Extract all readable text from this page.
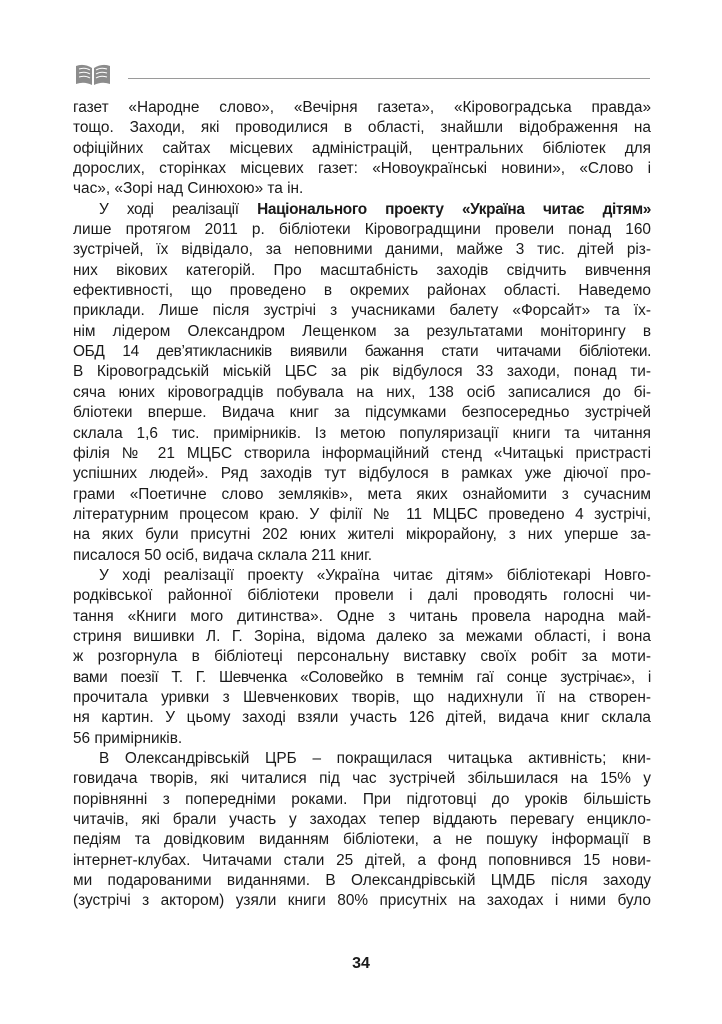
газет «Народне слово», «Вечірня газета», «Кіровоградська правда»
тощо. Заходи, які проводилися в області, знайшли відображення на
офіційних сайтах місцевих адміністрацій, центральних бібліотек для
дорослих, сторінках місцевих газет: «Новоукраїнські новини», «Слово і
час», «Зорі над Синюхою» та ін.
У ході реалізації Національного проекту «Україна читає дітям»
лише протягом 2011 р. бібліотеки Кіровоградщини провели понад 160
зустрічей, їх відвідало, за неповними даними, майже 3 тис. дітей різ-
них вікових категорій. Про масштабність заходів свідчить вивчення
ефективності, що проведено в окремих районах області. Наведемо
приклади. Лише після зустрічі з учасниками балету «Форсайт» та їх-
нім лідером Олександром Лещенком за результатами моніторингу в
ОБД 14 дев’ятикласників виявили бажання стати читачами бібліотеки.
В Кіровоградській міській ЦБС за рік відбулося 33 заходи, понад ти-
сяча юних кіровоградців побувала на них, 138 осіб записалися до бі-
бліотеки вперше. Видача книг за підсумками безпосередньо зустрічей
склала 1,6 тис. примірників. Із метою популяризації книги та читання
філія № 21 МЦБС створила інформаційний стенд «Читацькі пристрасті
успішних людей». Ряд заходів тут відбулося в рамках уже діючої про-
грами «Поетичне слово земляків», мета яких ознайомити з сучасним
літературним процесом краю. У філії № 11 МЦБС проведено 4 зустрічі,
на яких були присутні 202 юних жителі мікрорайону, з них уперше за-
писалося 50 осіб, видача склала 211 книг.
У ході реалізації проекту «Україна читає дітям» бібліотекарі Новго-
родківської районної бібліотеки провели і далі проводять голосні чи-
тання «Книги мого дитинства». Одне з читань провела народна май-
стриня вишивки Л. Г. Зоріна, відома далеко за межами області, і вона
ж розгорнула в бібліотеці персональну виставку своїх робіт за моти-
вами поезії Т. Г. Шевченка «Соловейко в темнім гаї сонце зустрічає», і
прочитала уривки з Шевченкових творів, що надихнули її на створен-
ня картин. У цьому заході взяли участь 126 дітей, видача книг склала
56 примірників.
В Олександрівській ЦРБ – покращилася читацька активність; кни-
говидача творів, які читалися під час зустрічей збільшилася на 15% у
порівнянні з попередніми роками. При підготовці до уроків більшість
читачів, які брали участь у заходах тепер віддають перевагу енцикло-
педіям та довідковим виданням бібліотеки, а не пошуку інформації в
інтернет-клубах. Читачами стали 25 дітей, а фонд поповнився 15 нови-
ми подарованими виданнями. В Олександрівській ЦМДБ після заходу
(зустрічі з актором) узяли книги 80% присутніх на заходах і ними було
34
